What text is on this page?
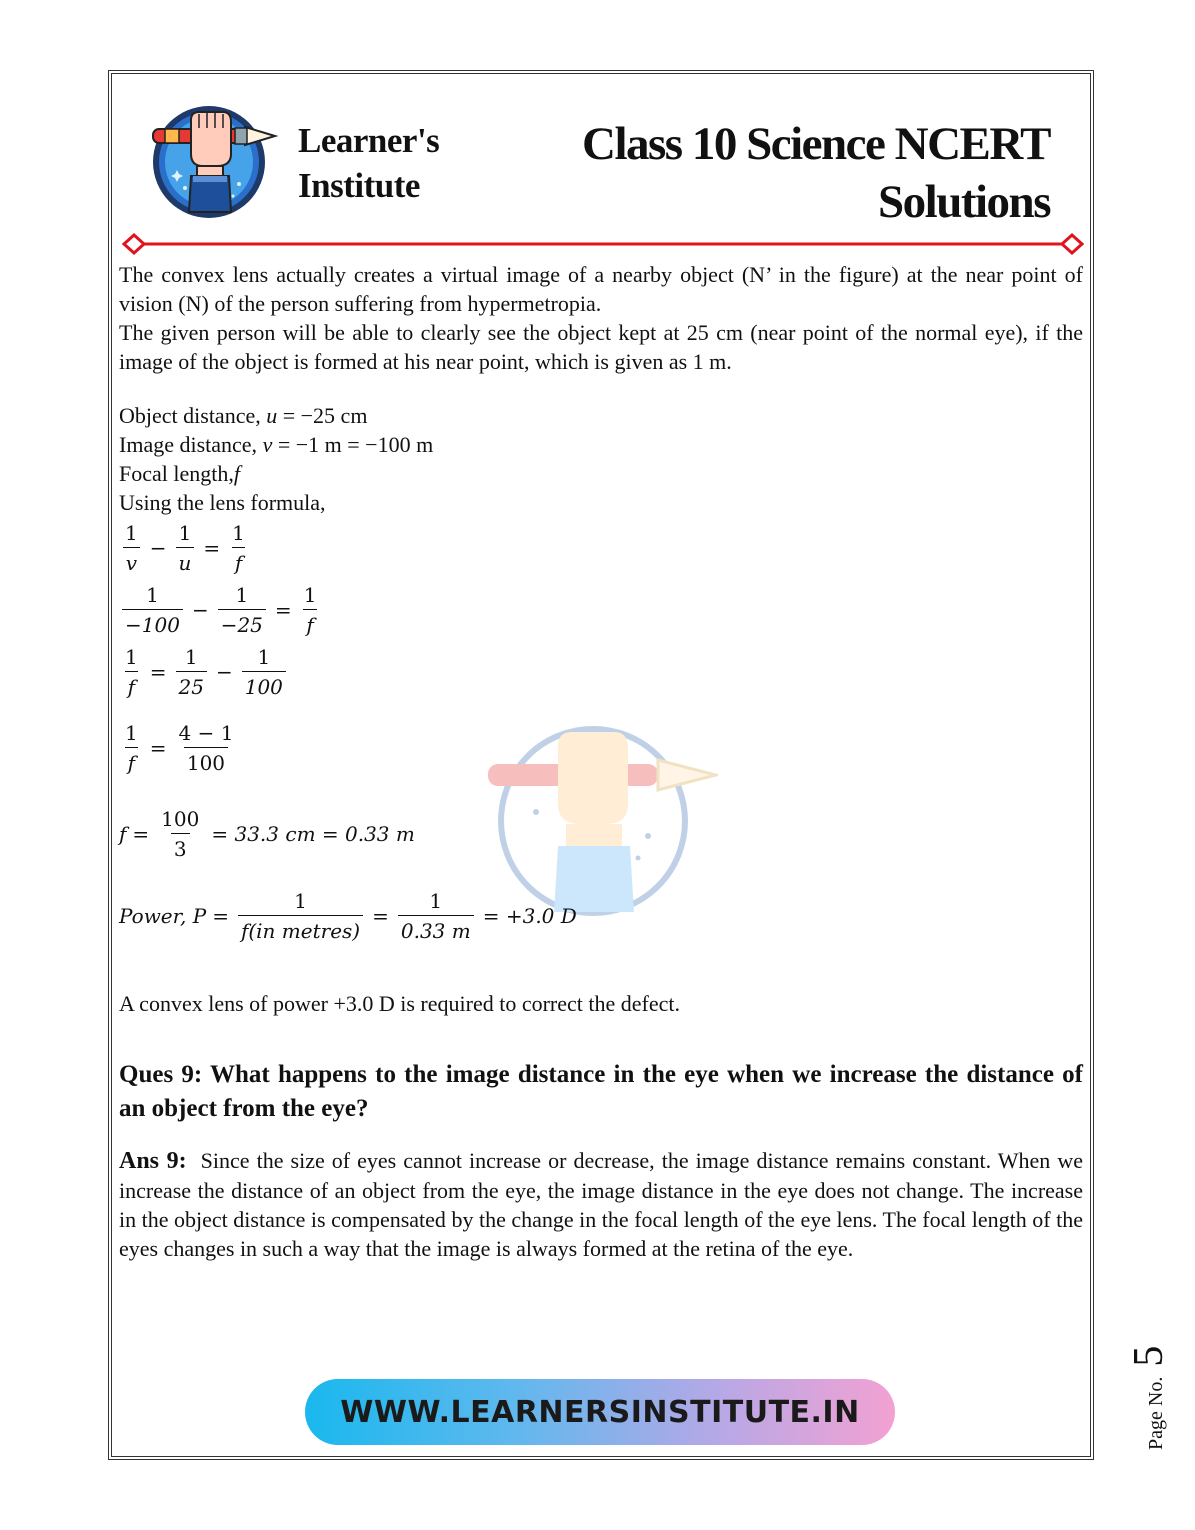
Learner's
Institute
Class 10 Science NCERT
Solutions

The convex lens actually creates a virtual image of a nearby object (N’ in the figure) at the near point of vision (N) of the person suffering from hypermetropia.

The given person will be able to clearly see the object kept at 25 cm (near point of the normal eye), if the image of the object is formed at his near point, which is given as 1 m.

Object distance, u = −25 cm

Image distance, v = −1 m = −100 m

Focal length,f

Using the lens formula,

$\frac{1}{v} - \frac{1}{u} = \frac{1}{f}$
$\frac{1}{-100} - \frac{1}{-25} = \frac{1}{f}$
$\frac{1}{f} = \frac{1}{25} - \frac{1}{100}$
$\frac{1}{f} = \frac{4 - 1}{100}$
$f = \frac{100}{3} = 33.3$ cm = 0.33 m
Power, $P = \frac{1}{\text{f(in metres)}} = \frac{1}{0.33 m} = +3.0$ D

A convex lens of power +3.0 D is required to correct the defect.

Ques 9: What happens to the image distance in the eye when we increase the distance of an object from the eye?

Ans 9: Since the size of eyes cannot increase or decrease, the image distance remains constant. When we increase the distance of an object from the eye, the image distance in the eye does not change. The increase in the object distance is compensated by the change in the focal length of the eye lens. The focal length of the eyes changes in such a way that the image is always formed at the retina of the eye.

WWW.LEARNERSINSTITUTE.IN	Page No. 5
